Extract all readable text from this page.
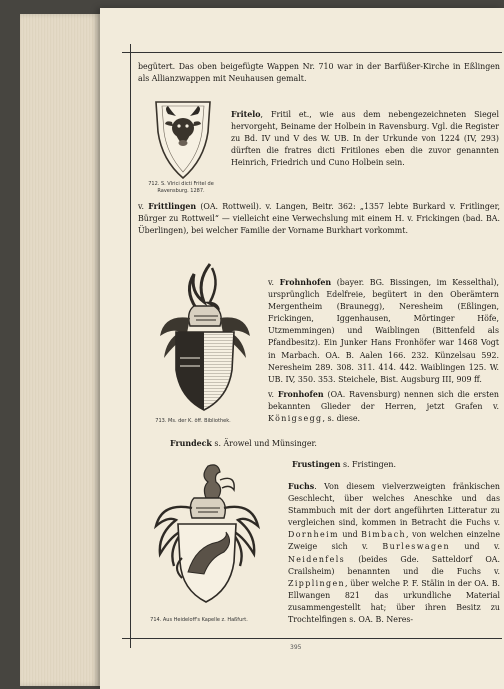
begütert. Das oben beigefügte Wappen Nr. 710 war in der Barfüßer-Kirche in Eßlingen als Allianzwappen mit Neuhausen gemalt.
712. S. Vlrici dicti Fritel de Ravensburg. 1287.
Fritelo, Fritil et., wie aus dem nebengezeichneten Siegel hervorgeht, Beiname der Holbein in Ravensburg. Vgl. die Register zu Bd. IV und V des W. UB. In der Urkunde von 1224 (IV, 293) dürften die fratres dicti Fritilones eben die zuvor genannten Heinrich, Friedrich und Cuno Holbein sein.
v. Frittlingen (OA. Rottweil). v. Langen, Beitr. 362: „1357 lebte Burkard v. Fritlinger, Bürger zu Rottweil“ — vielleicht eine Verwechslung mit einem H. v. Frickingen (bad. BA. Überlingen), bei welcher Familie der Vorname Burkhart vorkommt.
713. Ms. der K. öff. Bibliothek.
v. Frohnhofen (bayer. BG. Bissingen, im Kesselthal), ursprünglich Edelfreie, begütert in den Oberämtern Mergentheim (Braunegg), Neresheim (Eßlingen, Frickingen, Iggenhausen, Mörtinger Höfe, Utzmemmingen) und Waiblingen (Bittenfeld als Pfandbesitz). Ein Junker Hans Fronhöfer war 1468 Vogt in Marbach. OA. B. Aalen 166. 232. Künzelsau 592. Neresheim 289. 308. 311. 414. 442. Waiblingen 125. W. UB. IV, 350. 353. Steichele, Bist. Augsburg III, 909 ff.
v. Fronhofen (OA. Ravensburg) nennen sich die ersten bekannten Glieder der Herren, jetzt Grafen v. Königsegg, s. diese.
Frundeck s. Ärowel und Münsinger.
Frustingen s. Fristingen.
714. Aus Heideloff's Kapelle z. Haßfurt.
Fuchs. Von diesem vielverzweigten fränkischen Geschlecht, über welches Aneschke und das Stammbuch mit der dort angeführten Litteratur zu vergleichen sind, kommen in Betracht die Fuchs v. Dornheim und Bimbach, von welchen einzelne Zweige sich v. Burleswagen und v. Neidenfels (beides Gde. Satteldorf OA. Crailsheim) benannten und die Fuchs v. Zipplingen, über welche P. F. Stälin in der OA. B. Ellwangen 821 das urkundliche Material zusammengestellt hat; über ihren Besitz zu Trochtelfingen s. OA. B. Neres-
395
